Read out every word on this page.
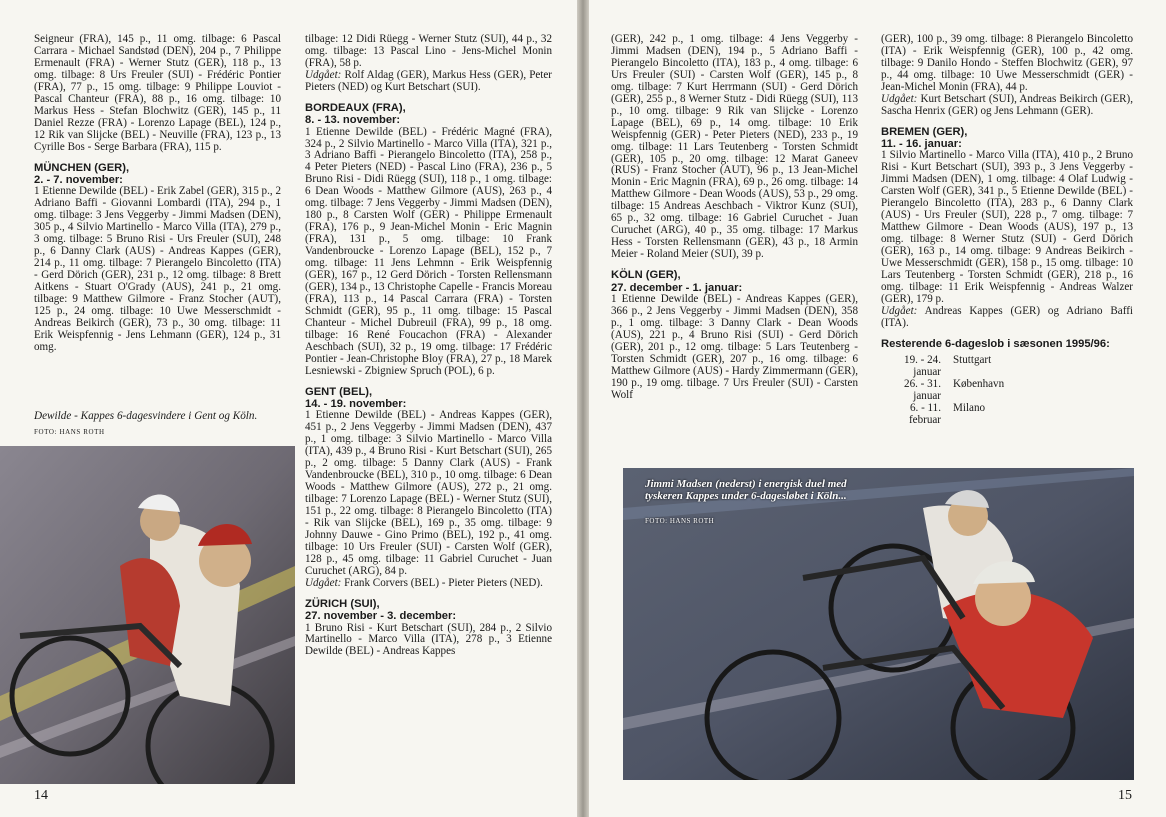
Seigneur (FRA), 145 p., 11 omg. tilbage: 6 Pascal Carrara - Michael Sandstød (DEN), 204 p., 7 Philippe Ermenault (FRA) - Werner Stutz (GER), 118 p., 13 omg. tilbage: 8 Urs Freuler (SUI) - Frédéric Pontier (FRA), 77 p., 15 omg. tilbage: 9 Philippe Louviot - Pascal Chanteur (FRA), 88 p., 16 omg. tilbage: 10 Markus Hess - Stefan Blochwitz (GER), 145 p., 11 Daniel Rezze (FRA) - Lorenzo Lapage (BEL), 124 p., 12 Rik van Slijcke (BEL) - Neuville (FRA), 123 p., 13 Cyrille Bos - Serge Barbara (FRA), 115 p.

MÜNCHEN (GER),

2. - 7. november:

1 Etienne Dewilde (BEL) - Erik Zabel (GER), 315 p., 2 Adriano Baffi - Giovanni Lombardi (ITA), 294 p., 1 omg. tilbage: 3 Jens Veggerby - Jimmi Madsen (DEN), 305 p., 4 Silvio Martinello - Marco Villa (ITA), 279 p., 3 omg. tilbage: 5 Bruno Risi - Urs Freuler (SUI), 248 p., 6 Danny Clark (AUS) - Andreas Kappes (GER), 214 p., 11 omg. tilbage: 7 Pierangelo Bincoletto (ITA) - Gerd Dörich (GER), 231 p., 12 omg. tilbage: 8 Brett Aitkens - Stuart O'Grady (AUS), 241 p., 21 omg. tilbage: 9 Matthew Gilmore - Franz Stocher (AUT), 125 p., 24 omg. tilbage: 10 Uwe Messerschmidt - Andreas Beikirch (GER), 73 p., 30 omg. tilbage: 11 Erik Weispfennig - Jens Lehmann (GER), 124 p., 31 omg.

Dewilde - Kappes 6-dagesvindere i Gent og Köln.
FOTO: HANS ROTH

tilbage: 12 Didi Rüegg - Werner Stutz (SUI), 44 p., 32 omg. tilbage: 13 Pascal Lino - Jens-Michel Monin (FRA), 58 p.

Udgået: Rolf Aldag (GER), Markus Hess (GER), Peter Pieters (NED) og Kurt Betschart (SUI).

BORDEAUX (FRA),

8. - 13. november:

1 Etienne Dewilde (BEL) - Frédéric Magné (FRA), 324 p., 2 Silvio Martinello - Marco Villa (ITA), 321 p., 3 Adriano Baffi - Pierangelo Bincoletto (ITA), 258 p., 4 Peter Pieters (NED) - Pascal Lino (FRA), 236 p., 5 Bruno Risi - Didi Rüegg (SUI), 118 p., 1 omg. tilbage: 6 Dean Woods - Matthew Gilmore (AUS), 263 p., 4 omg. tilbage: 7 Jens Veggerby - Jimmi Madsen (DEN), 180 p., 8 Carsten Wolf (GER) - Philippe Ermenault (FRA), 176 p., 9 Jean-Michel Monin - Eric Magnin (FRA), 131 p., 5 omg. tilbage: 10 Frank Vandenbroucke - Lorenzo Lapage (BEL), 152 p., 7 omg. tilbage: 11 Jens Lehmnn - Erik Weispfennig (GER), 167 p., 12 Gerd Dörich - Torsten Rellensmann (GER), 134 p., 13 Christophe Capelle - Francis Moreau (FRA), 113 p., 14 Pascal Carrara (FRA) - Torsten Schmidt (GER), 95 p., 11 omg. tilbage: 15 Pascal Chanteur - Michel Dubreuil (FRA), 99 p., 18 omg. tilbage: 16 René Foucachon (FRA) - Alexander Aeschbach (SUI), 32 p., 19 omg. tilbage: 17 Frédéric Pontier - Jean-Christophe Bloy (FRA), 27 p., 18 Marek Lesniewski - Zbigniew Spruch (POL), 6 p.

GENT (BEL),

14. - 19. november:

1 Etienne Dewilde (BEL) - Andreas Kappes (GER), 451 p., 2 Jens Veggerby - Jimmi Madsen (DEN), 437 p., 1 omg. tilbage: 3 Silvio Martinello - Marco Villa (ITA), 439 p., 4 Bruno Risi - Kurt Betschart (SUI), 265 p., 2 omg. tilbage: 5 Danny Clark (AUS) - Frank Vandenbroucke (BEL), 310 p., 10 omg. tilbage: 6 Dean Woods - Matthew Gilmore (AUS), 272 p., 21 omg. tilbage: 7 Lorenzo Lapage (BEL) - Werner Stutz (SUI), 151 p., 22 omg. tilbage: 8 Pierangelo Bincoletto (ITA) - Rik van Slijcke (BEL), 169 p., 35 omg. tilbage: 9 Johnny Dauwe - Gino Primo (BEL), 192 p., 41 omg. tilbage: 10 Urs Freuler (SUI) - Carsten Wolf (GER), 128 p., 45 omg. tilbage: 11 Gabriel Curuchet - Juan Curuchet (ARG), 84 p.

Udgået: Frank Corvers (BEL) - Pieter Pieters (NED).

ZÜRICH (SUI),

27. november - 3. december:

1 Bruno Risi - Kurt Betschart (SUI), 284 p., 2 Silvio Martinello - Marco Villa (ITA), 278 p., 3 Etienne Dewilde (BEL) - Andreas Kappes

14

(GER), 242 p., 1 omg. tilbage: 4 Jens Veggerby - Jimmi Madsen (DEN), 194 p., 5 Adriano Baffi - Pierangelo Bincoletto (ITA), 183 p., 4 omg. tilbage: 6 Urs Freuler (SUI) - Carsten Wolf (GER), 145 p., 8 omg. tilbage: 7 Kurt Herrmann (SUI) - Gerd Dörich (GER), 255 p., 8 Werner Stutz - Didi Rüegg (SUI), 113 p., 10 omg. tilbage: 9 Rik van Slijcke - Lorenzo Lapage (BEL), 69 p., 14 omg. tilbage: 10 Erik Weispfennig (GER) - Peter Pieters (NED), 233 p., 19 omg. tilbage: 11 Lars Teutenberg - Torsten Schmidt (GER), 105 p., 20 omg. tilbage: 12 Marat Ganeev (RUS) - Franz Stocher (AUT), 96 p., 13 Jean-Michel Monin - Eric Magnin (FRA), 69 p., 26 omg. tilbage: 14 Matthew Gilmore - Dean Woods (AUS), 53 p., 29 omg. tilbage: 15 Andreas Aeschbach - Viktror Kunz (SUI), 65 p., 32 omg. tilbage: 16 Gabriel Curuchet - Juan Curuchet (ARG), 40 p., 35 omg. tilbage: 17 Markus Hess - Torsten Rellensmann (GER), 43 p., 18 Armin Meier - Roland Meier (SUI), 39 p.

KÖLN (GER),

27. december - 1. januar:

1 Etienne Dewilde (BEL) - Andreas Kappes (GER), 366 p., 2 Jens Veggerby - Jimmi Madsen (DEN), 358 p., 1 omg. tilbage: 3 Danny Clark - Dean Woods (AUS), 221 p., 4 Bruno Risi (SUI) - Gerd Dörich (GER), 201 p., 12 omg. tilbage: 5 Lars Teutenberg - Torsten Schmidt (GER), 207 p., 16 omg. tilbage: 6 Matthew Gilmore (AUS) - Hardy Zimmermann (GER), 190 p., 19 omg. tilbage. 7 Urs Freuler (SUI) - Carsten Wolf

(GER), 100 p., 39 omg. tilbage: 8 Pierangelo Bincoletto (ITA) - Erik Weispfennig (GER), 100 p., 42 omg. tilbage: 9 Danilo Hondo - Steffen Blochwitz (GER), 97 p., 44 omg. tilbage: 10 Uwe Messerschmidt (GER) - Jean-Michel Monin (FRA), 44 p.

Udgået: Kurt Betschart (SUI), Andreas Beikirch (GER), Sascha Henrix (GER) og Jens Lehmann (GER).

BREMEN (GER),

11. - 16. januar:

1 Silvio Martinello - Marco Villa (ITA), 410 p., 2 Bruno Risi - Kurt Betschart (SUI), 393 p., 3 Jens Veggerby - Jimmi Madsen (DEN), 1 omg. tilbage: 4 Olaf Ludwig - Carsten Wolf (GER), 341 p., 5 Etienne Dewilde (BEL) - Pierangelo Bincoletto (ITA), 283 p., 6 Danny Clark (AUS) - Urs Freuler (SUI), 228 p., 7 omg. tilbage: 7 Matthew Gilmore - Dean Woods (AUS), 197 p., 13 omg. tilbage: 8 Werner Stutz (SUI) - Gerd Dörich (GER), 163 p., 14 omg. tilbage: 9 Andreas Beikirch - Uwe Messerschmidt (GER), 158 p., 15 omg. tilbage: 10 Lars Teutenberg - Torsten Schmidt (GER), 218 p., 16 omg. tilbage: 11 Erik Weispfennig - Andreas Walzer (GER), 179 p.

Udgået: Andreas Kappes (GER) og Adriano Baffi (ITA).

Resterende 6-dageslob i sæsonen 1995/96:

19. - 24. januar
Stuttgart
26. - 31. januar
København
6. - 11. februar
Milano
Jimmi Madsen (nederst) i energisk duel med tyskeren Kappes under 6-dagesløbet i Köln...
FOTO: HANS ROTH
15
